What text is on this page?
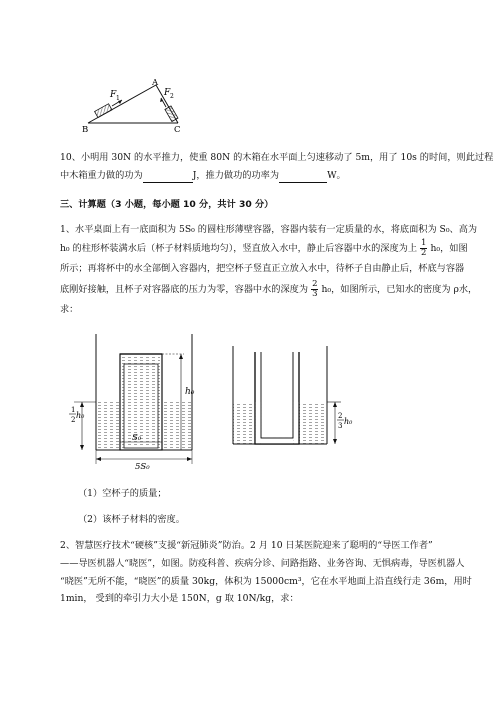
A
B	C
F 1
F 2
10、小明用 30N 的水平推力，使重 80N 的木箱在水平面上匀速移动了 5m，用了 10s 的时间，则此过程
中木箱重力做的功为	J，推力做功的功率为	W。
三、计算题（3 小题，每小题 10 分，共计 30 分）
1、水平桌面上有一底面积为 5S₀ 的圆柱形薄壁容器，容器内装有一定质量的水，将底面积为 S₀、高为
h₀ 的柱形杯装满水后（杯子材料质地均匀），竖直放入水中，静止后容器中水的深度为上 $\frac{1}{2} h_0$，如图
所示；再将杯中的水全部倒入容器内，把空杯子竖直正立放入水中，待杯子自由静止后，杯底与容器
底刚好接触，且杯子对容器底的压力为零，容器中水的深度为 $\frac{2}{3} h_0$，如图所示，已知水的密度为 ρ水，
求：
h₀
1
2 h₀
S₀
5S₀
2
3 h₀
（1）空杯子的质量；
（2）该杯子材料的密度。
2、智慧医疗技术“硬核”支援“新冠肺炎”防治。2 月 10 日某医院迎来了聪明的“导医工作者”
——导医机器人“晓医”，如图。防疫科普、疾病分诊、问路指路、业务咨询、无惧病毒，导医机器人
“晓医”无所不能，“晓医”的质量 30kg，体积为 15000cm³，它在水平地面上沿直线行走 36m，用时
1min， 受到的牵引力大小是 150N，g 取 10N/kg，求：
